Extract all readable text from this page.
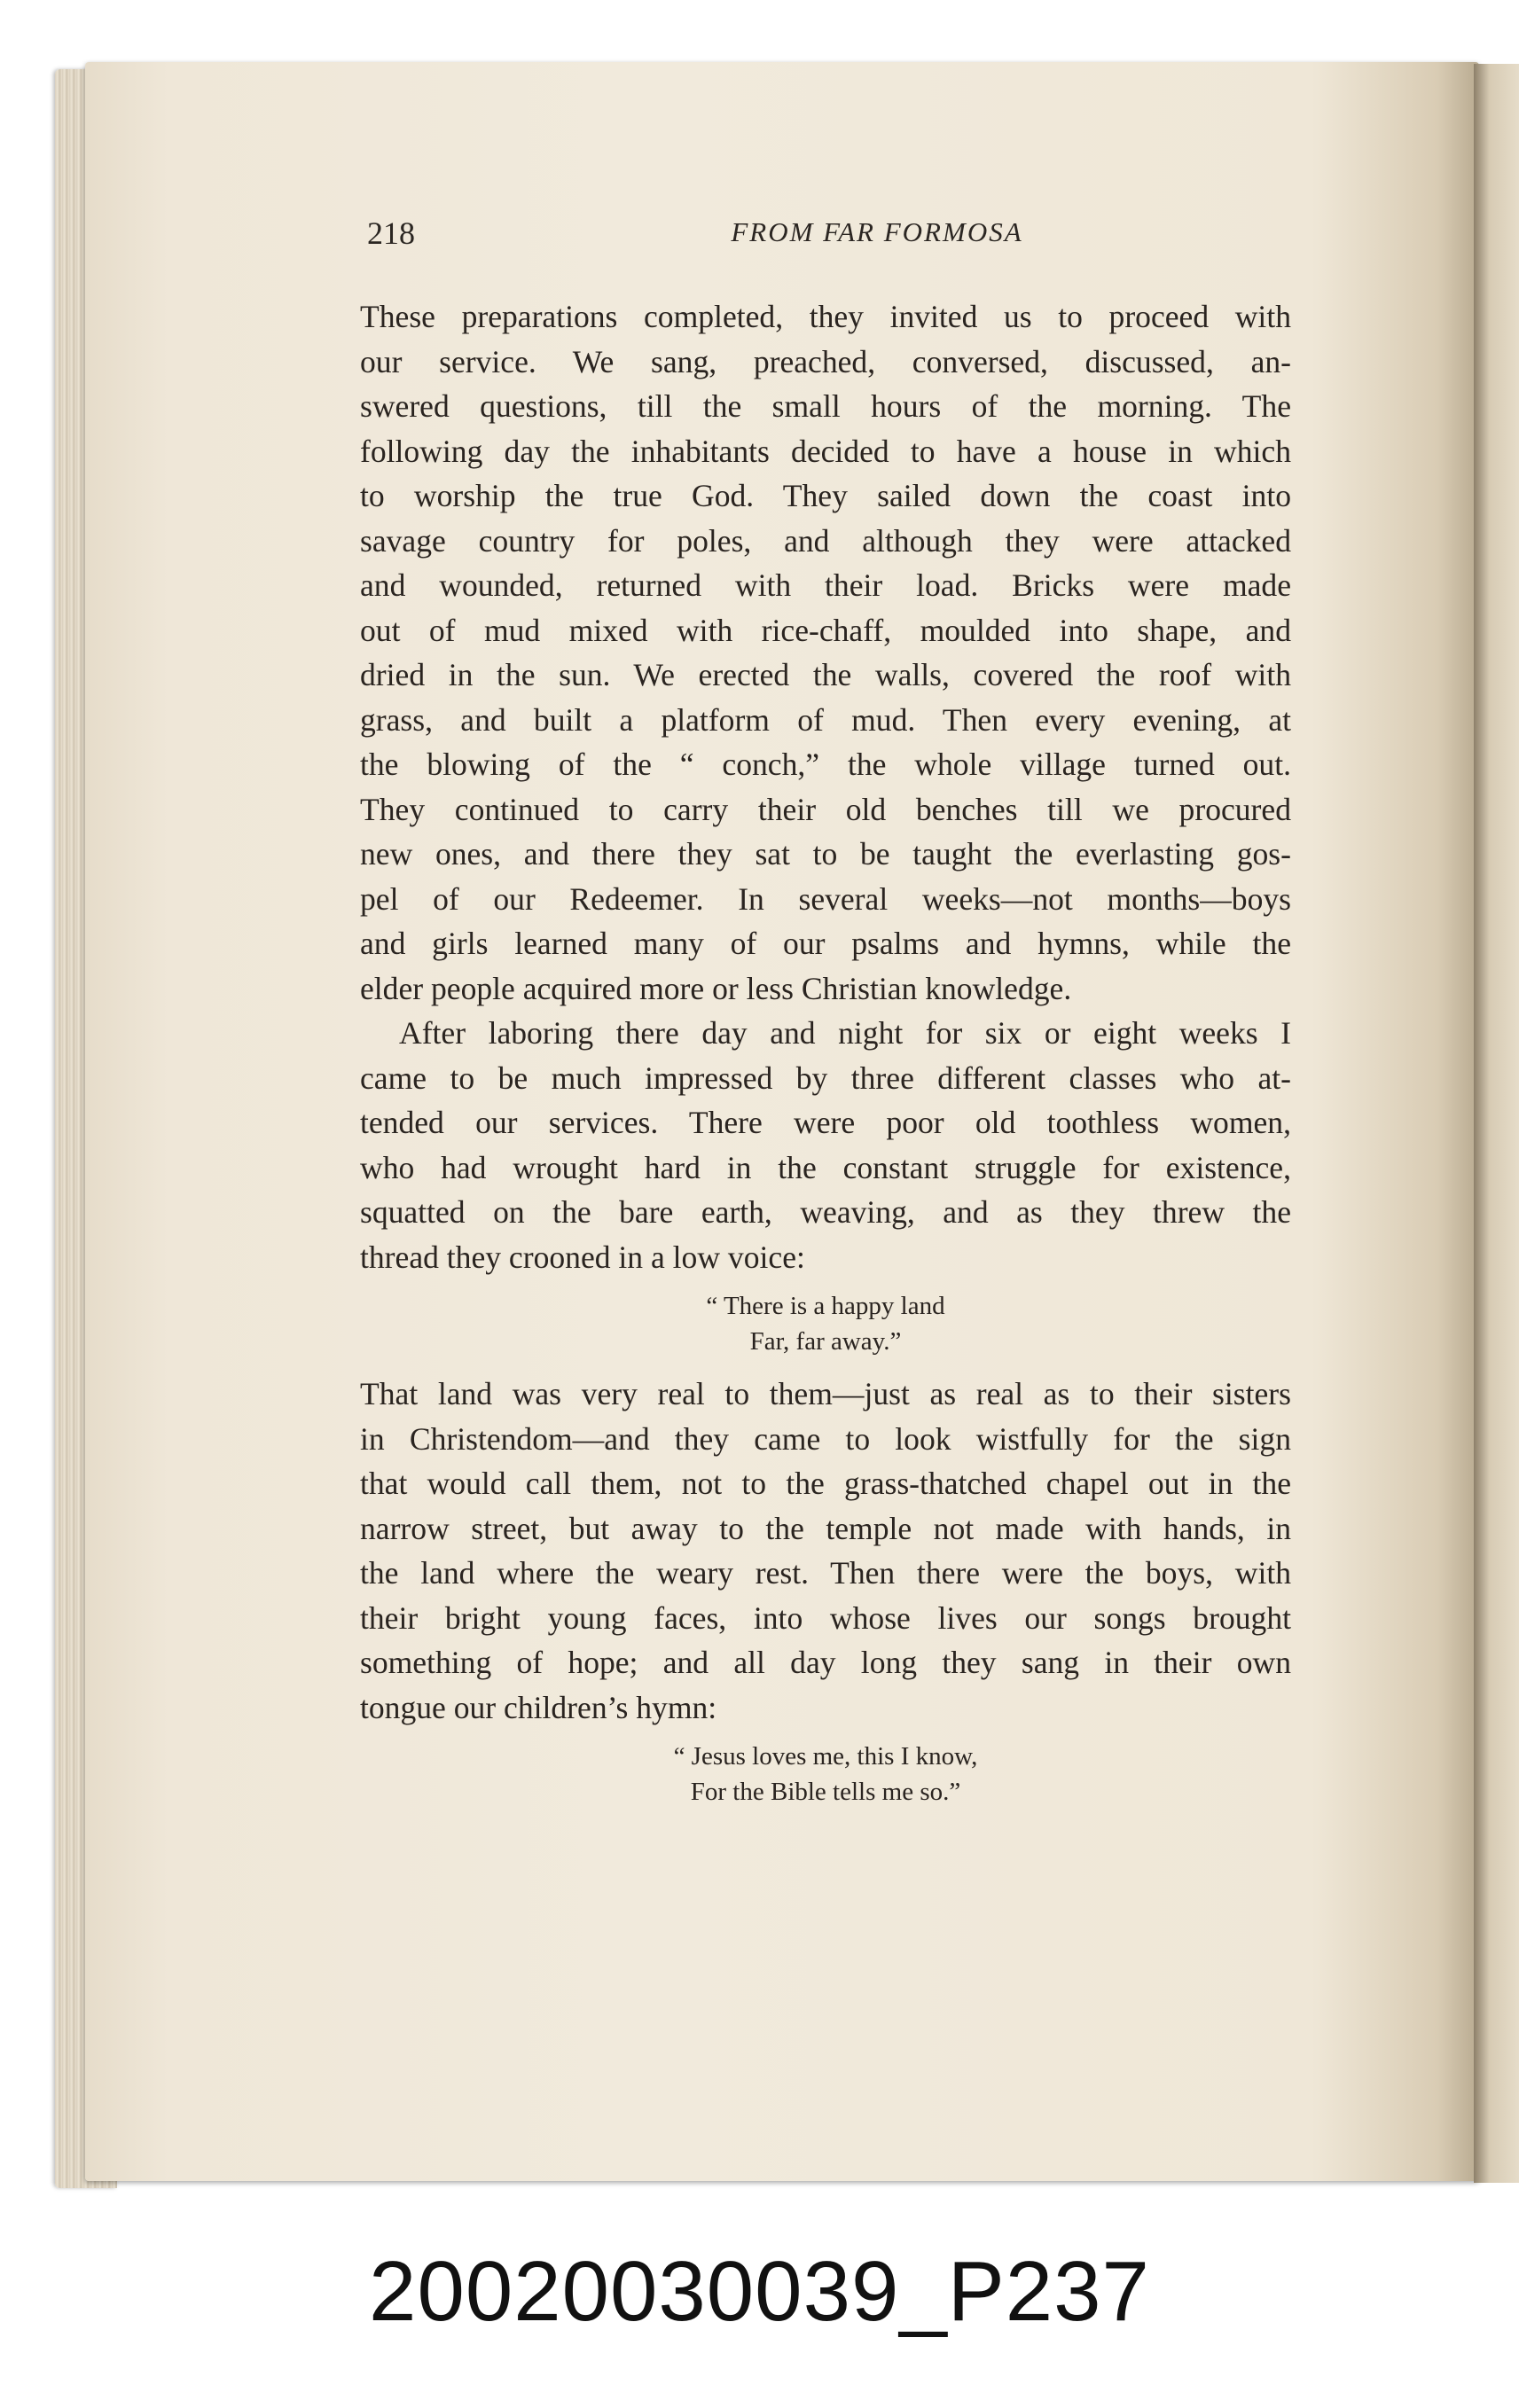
218	FROM FAR FORMOSA
These preparations completed, they invited us to proceed with
our service. We sang, preached, conversed, discussed, an-
swered questions, till the small hours of the morning. The
following day the inhabitants decided to have a house in which
to worship the true God. They sailed down the coast into
savage country for poles, and although they were attacked
and wounded, returned with their load. Bricks were made
out of mud mixed with rice-chaff, moulded into shape, and
dried in the sun. We erected the walls, covered the roof with
grass, and built a platform of mud. Then every evening, at
the blowing of the “ conch,” the whole village turned out.
They continued to carry their old benches till we procured
new ones, and there they sat to be taught the everlasting gos-
pel of our Redeemer. In several weeks—not months—boys
and girls learned many of our psalms and hymns, while the
elder people acquired more or less Christian knowledge.
After laboring there day and night for six or eight weeks I
came to be much impressed by three different classes who at-
tended our services. There were poor old toothless women,
who had wrought hard in the constant struggle for existence,
squatted on the bare earth, weaving, and as they threw the
thread they crooned in a low voice:
“ There is a happy land
Far, far away.”
That land was very real to them—just as real as to their sisters
in Christendom—and they came to look wistfully for the sign
that would call them, not to the grass-thatched chapel out in the
narrow street, but away to the temple not made with hands, in
the land where the weary rest. Then there were the boys, with
their bright young faces, into whose lives our songs brought
something of hope; and all day long they sang in their own
tongue our children’s hymn:
“ Jesus loves me, this I know,
For the Bible tells me so.”
20020030039_P237
